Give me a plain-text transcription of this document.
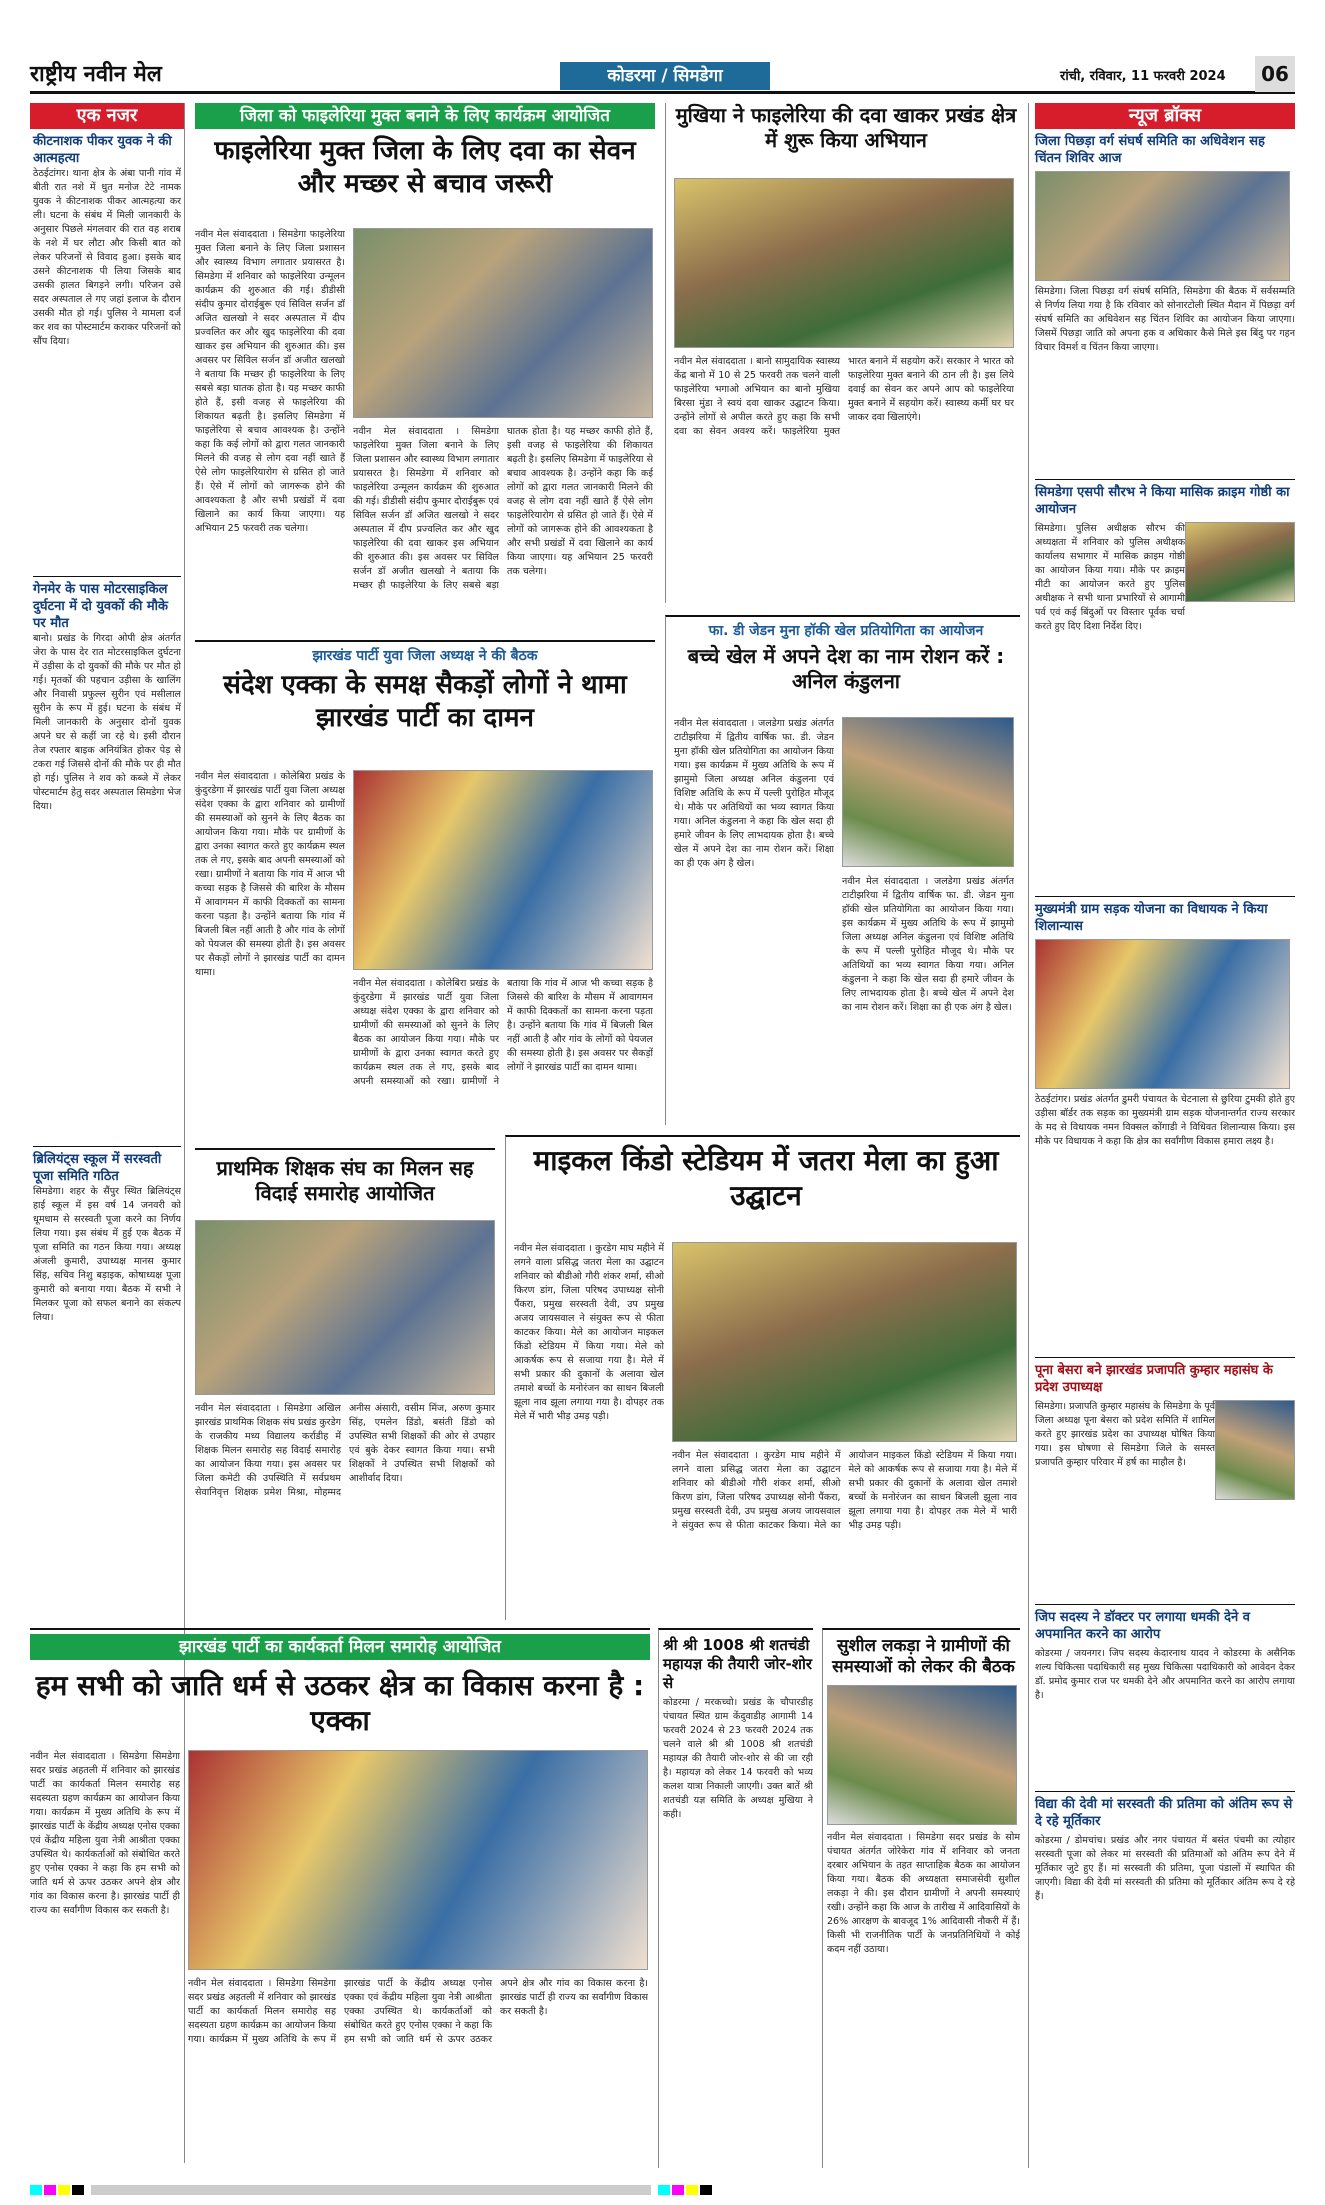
राष्ट्रीय नवीन मेल	कोडरमा / सिमडेगा	रांची, रविवार, 11 फरवरी 2024	06
एक नजर
कीटनाशक पीकर युवक ने की आत्महत्या
ठेठईटांगर। थाना क्षेत्र के अंबा पानी गांव में बीती रात नशे में धुत मनोज टेटे नामक युवक ने कीटनाशक पीकर आत्महत्या कर ली। घटना के संबंध में मिली जानकारी के अनुसार पिछले मंगलवार की रात वह शराब के नशे में घर लौटा और किसी बात को लेकर परिजनों से विवाद हुआ। इसके बाद उसने कीटनाशक पी लिया जिसके बाद उसकी हालत बिगड़ने लगी। परिजन उसे सदर अस्पताल ले गए जहां इलाज के दौरान उसकी मौत हो गई। पुलिस ने मामला दर्ज कर शव का पोस्टमार्टम कराकर परिजनों को सौंप दिया।
गेनमेर के पास मोटरसाइकिल दुर्घटना में दो युवकों की मौके पर मौत
बानो। प्रखंड के गिरदा ओपी क्षेत्र अंतर्गत जेरा के पास देर रात मोटरसाइकिल दुर्घटना में उड़ीसा के दो युवकों की मौके पर मौत हो गई। मृतकों की पहचान उड़ीसा के खालिंग और निवासी प्रफुल्ल सुरीन एवं मसीलाल सुरीन के रूप में हुई। घटना के संबंध में मिली जानकारी के अनुसार दोनों युवक अपने घर से कहीं जा रहे थे। इसी दौरान तेज रफ्तार बाइक अनियंत्रित होकर पेड़ से टकरा गई जिससे दोनों की मौके पर ही मौत हो गई। पुलिस ने शव को कब्जे में लेकर पोस्टमार्टम हेतु सदर अस्पताल सिमडेगा भेज दिया।
ब्रिलियंट्स स्कूल में सरस्वती पूजा समिति गठित
सिमडेगा। शहर के सैंपुर स्थित ब्रिलियंट्स हाई स्कूल में इस वर्ष 14 जनवरी को धूमधाम से सरस्वती पूजा करने का निर्णय लिया गया। इस संबंध में हुई एक बैठक में पूजा समिति का गठन किया गया। अध्यक्ष अंजली कुमारी, उपाध्यक्ष मानस कुमार सिंह, सचिव निशु बड़ाइक, कोषाध्यक्ष पूजा कुमारी को बनाया गया। बैठक में सभी ने मिलकर पूजा को सफल बनाने का संकल्प लिया।
जिला को फाइलेरिया मुक्त बनाने के लिए कार्यक्रम आयोजित
फाइलेरिया मुक्त जिला के लिए दवा का सेवन और मच्छर से बचाव जरूरी
नवीन मेल संवाददाता । सिमडेगा फाइलेरिया मुक्त जिला बनाने के लिए जिला प्रशासन और स्वास्थ्य विभाग लगातार प्रयासरत है। सिमडेगा में शनिवार को फाइलेरिया उन्मूलन कार्यक्रम की शुरुआत की गई। डीडीसी संदीप कुमार दोराईबुरू एवं सिविल सर्जन डॉ अजित खलखो ने सदर अस्पताल में दीप प्रज्वलित कर और खुद फाइलेरिया की दवा खाकर इस अभियान की शुरुआत की। इस अवसर पर सिविल सर्जन डॉ अजीत खलखो ने बताया कि मच्छर ही फाइलेरिया के लिए सबसे बड़ा घातक होता है। यह मच्छर काफी होते हैं, इसी वजह से फाइलेरिया की शिकायत बढ़ती है। इसलिए सिमडेगा में फाइलेरिया से बचाव आवश्यक है। उन्होंने कहा कि कई लोगों को द्वारा गलत जानकारी मिलने की वजह से लोग दवा नहीं खाते हैं ऐसे लोग फाइलेरियारोग से ग्रसित हो जाते हैं। ऐसे में लोगों को जागरूक होने की आवश्यकता है और सभी प्रखंडों में दवा खिलाने का कार्य किया जाएगा। यह अभियान 25 फरवरी तक चलेगा।
नवीन मेल संवाददाता । सिमडेगा फाइलेरिया मुक्त जिला बनाने के लिए जिला प्रशासन और स्वास्थ्य विभाग लगातार प्रयासरत है। सिमडेगा में शनिवार को फाइलेरिया उन्मूलन कार्यक्रम की शुरुआत की गई। डीडीसी संदीप कुमार दोराईबुरू एवं सिविल सर्जन डॉ अजित खलखो ने सदर अस्पताल में दीप प्रज्वलित कर और खुद फाइलेरिया की दवा खाकर इस अभियान की शुरुआत की। इस अवसर पर सिविल सर्जन डॉ अजीत खलखो ने बताया कि मच्छर ही फाइलेरिया के लिए सबसे बड़ा घातक होता है। यह मच्छर काफी होते हैं, इसी वजह से फाइलेरिया की शिकायत बढ़ती है। इसलिए सिमडेगा में फाइलेरिया से बचाव आवश्यक है। उन्होंने कहा कि कई लोगों को द्वारा गलत जानकारी मिलने की वजह से लोग दवा नहीं खाते हैं ऐसे लोग फाइलेरियारोग से ग्रसित हो जाते हैं। ऐसे में लोगों को जागरूक होने की आवश्यकता है और सभी प्रखंडों में दवा खिलाने का कार्य किया जाएगा। यह अभियान 25 फरवरी तक चलेगा।
मुखिया ने फाइलेरिया की दवा खाकर प्रखंड क्षेत्र में शुरू किया अभियान
नवीन मेल संवाददाता । बानो सामुदायिक स्वास्थ्य केंद्र बानो में 10 से 25 फरवरी तक चलने वाली फाइलेरिया भगाओ अभियान का बानो मुखिया बिरसा मुंडा ने स्वयं दवा खाकर उद्घाटन किया। उन्होंने लोगों से अपील करते हुए कहा कि सभी दवा का सेवन अवश्य करें। फाइलेरिया मुक्त भारत बनाने में सहयोग करें। सरकार ने भारत को फाइलेरिया मुक्त बनाने की ठान ली है। इस लिये दवाई का सेवन कर अपने आप को फाइलेरिया मुक्त बनाने में सहयोग करें। स्वास्थ्य कर्मी घर घर जाकर दवा खिलाएंगे।
झारखंड पार्टी युवा जिला अध्यक्ष ने की बैठक
संदेश एक्का के समक्ष सैकड़ों लोगों ने थामा झारखंड पार्टी का दामन
नवीन मेल संवाददाता । कोलेबिरा प्रखंड के कुंदुरडेगा में झारखंड पार्टी युवा जिला अध्यक्ष संदेश एक्का के द्वारा शनिवार को ग्रामीणों की समस्याओं को सुनने के लिए बैठक का आयोजन किया गया। मौके पर ग्रामीणों के द्वारा उनका स्वागत करते हुए कार्यक्रम स्थल तक ले गए, इसके बाद अपनी समस्याओं को रखा। ग्रामीणों ने बताया कि गांव में आज भी कच्चा सड़क है जिससे की बारिश के मौसम में आवागमन में काफी दिक्कतों का सामना करना पड़ता है। उन्होंने बताया कि गांव में बिजली बिल नहीं आती है और गांव के लोगों को पेयजल की समस्या होती है। इस अवसर पर सैकड़ों लोगों ने झारखंड पार्टी का दामन थामा।
नवीन मेल संवाददाता । कोलेबिरा प्रखंड के कुंदुरडेगा में झारखंड पार्टी युवा जिला अध्यक्ष संदेश एक्का के द्वारा शनिवार को ग्रामीणों की समस्याओं को सुनने के लिए बैठक का आयोजन किया गया। मौके पर ग्रामीणों के द्वारा उनका स्वागत करते हुए कार्यक्रम स्थल तक ले गए, इसके बाद अपनी समस्याओं को रखा। ग्रामीणों ने बताया कि गांव में आज भी कच्चा सड़क है जिससे की बारिश के मौसम में आवागमन में काफी दिक्कतों का सामना करना पड़ता है। उन्होंने बताया कि गांव में बिजली बिल नहीं आती है और गांव के लोगों को पेयजल की समस्या होती है। इस अवसर पर सैकड़ों लोगों ने झारखंड पार्टी का दामन थामा।
फा. डी जेडन मुना हॉकी खेल प्रतियोगिता का आयोजन
बच्चे खेल में अपने देश का नाम रोशन करें : अनिल कंडुलना
नवीन मेल संवाददाता । जलडेगा प्रखंड अंतर्गत टाटीझरिया में द्वितीय वार्षिक फा. डी. जेडन मुना हॉकी खेल प्रतियोगिता का आयोजन किया गया। इस कार्यक्रम में मुख्य अतिथि के रूप में झामुमो जिला अध्यक्ष अनिल कंडुलना एवं विशिष्ट अतिथि के रूप में पल्ली पुरोहित मौजूद थे। मौके पर अतिथियों का भव्य स्वागत किया गया। अनिल कंडुलना ने कहा कि खेल सदा ही हमारे जीवन के लिए लाभदायक होता है। बच्चे खेल में अपने देश का नाम रोशन करें। शिक्षा का ही एक अंग है खेल।
नवीन मेल संवाददाता । जलडेगा प्रखंड अंतर्गत टाटीझरिया में द्वितीय वार्षिक फा. डी. जेडन मुना हॉकी खेल प्रतियोगिता का आयोजन किया गया। इस कार्यक्रम में मुख्य अतिथि के रूप में झामुमो जिला अध्यक्ष अनिल कंडुलना एवं विशिष्ट अतिथि के रूप में पल्ली पुरोहित मौजूद थे। मौके पर अतिथियों का भव्य स्वागत किया गया। अनिल कंडुलना ने कहा कि खेल सदा ही हमारे जीवन के लिए लाभदायक होता है। बच्चे खेल में अपने देश का नाम रोशन करें। शिक्षा का ही एक अंग है खेल।
प्राथमिक शिक्षक संघ का मिलन सह विदाई समारोह आयोजित
नवीन मेल संवाददाता । सिमडेगा अखिल झारखंड प्राथमिक शिक्षक संघ प्रखंड कुरडेग के राजकीय मध्य विद्यालय कर्राडीह में शिक्षक मिलन समारोह सह विदाई समारोह का आयोजन किया गया। इस अवसर पर जिला कमेटी की उपस्थिति में सर्वप्रथम सेवानिवृत्त शिक्षक प्रमेश मिश्रा, मोहम्मद अनीस अंसारी, वसीम मिंज, अरुण कुमार सिंह, एमलेन डिंडो, बसंती डिंडो को उपस्थित सभी शिक्षकों की ओर से उपहार एवं बुके देकर स्वागत किया गया। सभी शिक्षकों ने उपस्थित सभी शिक्षकों को आशीर्वाद दिया।
माइकल किंडो स्टेडियम में जतरा मेला का हुआ उद्घाटन
नवीन मेल संवाददाता । कुरडेग माघ महीने में लगने वाला प्रसिद्ध जतरा मेला का उद्घाटन शनिवार को बीडीओ गौरी शंकर शर्मा, सीओ किरण डांग, जिला परिषद उपाध्यक्ष सोनी पैंकरा, प्रमुख सरस्वती देवी, उप प्रमुख अजय जायसवाल ने संयुक्त रूप से फीता काटकर किया। मेले का आयोजन माइकल किंडो स्टेडियम में किया गया। मेले को आकर्षक रूप से सजाया गया है। मेले में सभी प्रकार की दुकानों के अलावा खेल तमाशे बच्चों के मनोरंजन का साधन बिजली झूला नाव झूला लगाया गया है। दोपहर तक मेले में भारी भीड़ उमड़ पड़ी।
नवीन मेल संवाददाता । कुरडेग माघ महीने में लगने वाला प्रसिद्ध जतरा मेला का उद्घाटन शनिवार को बीडीओ गौरी शंकर शर्मा, सीओ किरण डांग, जिला परिषद उपाध्यक्ष सोनी पैंकरा, प्रमुख सरस्वती देवी, उप प्रमुख अजय जायसवाल ने संयुक्त रूप से फीता काटकर किया। मेले का आयोजन माइकल किंडो स्टेडियम में किया गया। मेले को आकर्षक रूप से सजाया गया है। मेले में सभी प्रकार की दुकानों के अलावा खेल तमाशे बच्चों के मनोरंजन का साधन बिजली झूला नाव झूला लगाया गया है। दोपहर तक मेले में भारी भीड़ उमड़ पड़ी।
झारखंड पार्टी का कार्यकर्ता मिलन समारोह आयोजित
हम सभी को जाति धर्म से उठकर क्षेत्र का विकास करना है : एक्का
नवीन मेल संवाददाता । सिमडेगा सिमडेगा सदर प्रखंड अहतली में शनिवार को झारखंड पार्टी का कार्यकर्ता मिलन समारोह सह सदस्यता ग्रहण कार्यक्रम का आयोजन किया गया। कार्यक्रम में मुख्य अतिथि के रूप में झारखंड पार्टी के केंद्रीय अध्यक्ष एनोस एक्का एवं केंद्रीय महिला युवा नेत्री आश्रीता एक्का उपस्थित थे। कार्यकर्ताओं को संबोधित करते हुए एनोस एक्का ने कहा कि हम सभी को जाति धर्म से ऊपर उठकर अपने क्षेत्र और गांव का विकास करना है। झारखंड पार्टी ही राज्य का सर्वांगीण विकास कर सकती है।
नवीन मेल संवाददाता । सिमडेगा सिमडेगा सदर प्रखंड अहतली में शनिवार को झारखंड पार्टी का कार्यकर्ता मिलन समारोह सह सदस्यता ग्रहण कार्यक्रम का आयोजन किया गया। कार्यक्रम में मुख्य अतिथि के रूप में झारखंड पार्टी के केंद्रीय अध्यक्ष एनोस एक्का एवं केंद्रीय महिला युवा नेत्री आश्रीता एक्का उपस्थित थे। कार्यकर्ताओं को संबोधित करते हुए एनोस एक्का ने कहा कि हम सभी को जाति धर्म से ऊपर उठकर अपने क्षेत्र और गांव का विकास करना है। झारखंड पार्टी ही राज्य का सर्वांगीण विकास कर सकती है।
श्री श्री 1008 श्री शतचंडी महायज्ञ की तैयारी जोर-शोर से
कोडरमा / मरकच्चो। प्रखंड के चौपारडीह पंचायत स्थित ग्राम केंदुवाडीह आगामी 14 फरवरी 2024 से 23 फरवरी 2024 तक चलने वाले श्री श्री 1008 श्री शतचंडी महायज्ञ की तैयारी जोर-शोर से की जा रही है। महायज्ञ को लेकर 14 फरवरी को भव्य कलश यात्रा निकाली जाएगी। उक्त बातें श्री शतचंडी यज्ञ समिति के अध्यक्ष मुखिया ने कही।
सुशील लकड़ा ने ग्रामीणों की समस्याओं को लेकर की बैठक
नवीन मेल संवाददाता । सिमडेगा सदर प्रखंड के सोम पंचायत अंतर्गत जोरेकेरा गांव में शनिवार को जनता दरबार अभियान के तहत साप्ताहिक बैठक का आयोजन किया गया। बैठक की अध्यक्षता समाजसेवी सुशील लकड़ा ने की। इस दौरान ग्रामीणों ने अपनी समस्याएं रखी। उन्होंने कहा कि आज के तारीख में आदिवासियों के 26% आरक्षण के बावजूद 1% आदिवासी नौकरी में हैं। किसी भी राजनीतिक पार्टी के जनप्रतिनिधियों ने कोई कदम नहीं उठाया।
न्यूज ब्रॉक्स
जिला पिछड़ा वर्ग संघर्ष समिति का अधिवेशन सह चिंतन शिविर आज
सिमडेगा। जिला पिछड़ा वर्ग संघर्ष समिति, सिमडेगा की बैठक में सर्वसम्मति से निर्णय लिया गया है कि रविवार को सोनारटोली स्थित मैदान में पिछड़ा वर्ग संघर्ष समिति का अधिवेशन सह चिंतन शिविर का आयोजन किया जाएगा। जिसमें पिछड़ा जाति को अपना हक व अधिकार कैसे मिले इस बिंदु पर गहन विचार विमर्श व चिंतन किया जाएगा।
सिमडेगा एसपी सौरभ ने किया मासिक क्राइम गोष्ठी का आयोजन
सिमडेगा। पुलिस अधीक्षक सौरभ की अध्यक्षता में शनिवार को पुलिस अधीक्षक कार्यालय सभागार में मासिक क्राइम गोष्ठी का आयोजन किया गया। मौके पर क्राइम मीटी का आयोजन करते हुए पुलिस अधीक्षक ने सभी थाना प्रभारियों से आगामी पर्व एवं कई बिंदुओं पर विस्तार पूर्वक चर्चा करते हुए दिए दिशा निर्देश दिए।
मुख्यमंत्री ग्राम सड़क योजना का विधायक ने किया शिलान्यास
ठेठईटांगर। प्रखंड अंतर्गत डुमरी पंचायत के चेटनाला से छुरिया टुमकी होते हुए उड़ीसा बॉर्डर तक सड़क का मुख्यमंत्री ग्राम सड़क योजनान्तर्गत राज्य सरकार के मद से विधायक नमन विक्सल कोंगाडी ने विधिवत शिलान्यास किया। इस मौके पर विधायक ने कहा कि क्षेत्र का सर्वांगीण विकास हमारा लक्ष्य है।
पूना बेसरा बने झारखंड प्रजापति कुम्हार महासंघ के प्रदेश उपाध्यक्ष
सिमडेगा। प्रजापति कुम्हार महासंघ के सिमडेगा के पूर्व जिला अध्यक्ष पूना बेसरा को प्रदेश समिति में शामिल करते हुए झारखंड प्रदेश का उपाध्यक्ष घोषित किया गया। इस घोषणा से सिमडेगा जिले के समस्त प्रजापति कुम्हार परिवार में हर्ष का माहौल है।
जिप सदस्य ने डॉक्टर पर लगाया धमकी देने व अपमानित करने का आरोप
कोडरमा / जयनगर। जिप सदस्य केदारनाथ यादव ने कोडरमा के असैनिक शल्य चिकित्सा पदाधिकारी सह मुख्य चिकित्सा पदाधिकारी को आवेदन देकर डॉ. प्रमोद कुमार राज पर धमकी देने और अपमानित करने का आरोप लगाया है।
विद्या की देवी मां सरस्वती की प्रतिमा को अंतिम रूप से दे रहे मूर्तिकार
कोडरमा / डोमचांच। प्रखंड और नगर पंचायत में बसंत पंचमी का त्योहार सरस्वती पूजा को लेकर मां सरस्वती की प्रतिमाओं को अंतिम रूप देने में मूर्तिकार जुटे हुए हैं। मां सरस्वती की प्रतिमा, पूजा पंडालों में स्थापित की जाएगी। विद्या की देवी मां सरस्वती की प्रतिमा को मूर्तिकार अंतिम रूप दे रहे हैं।
